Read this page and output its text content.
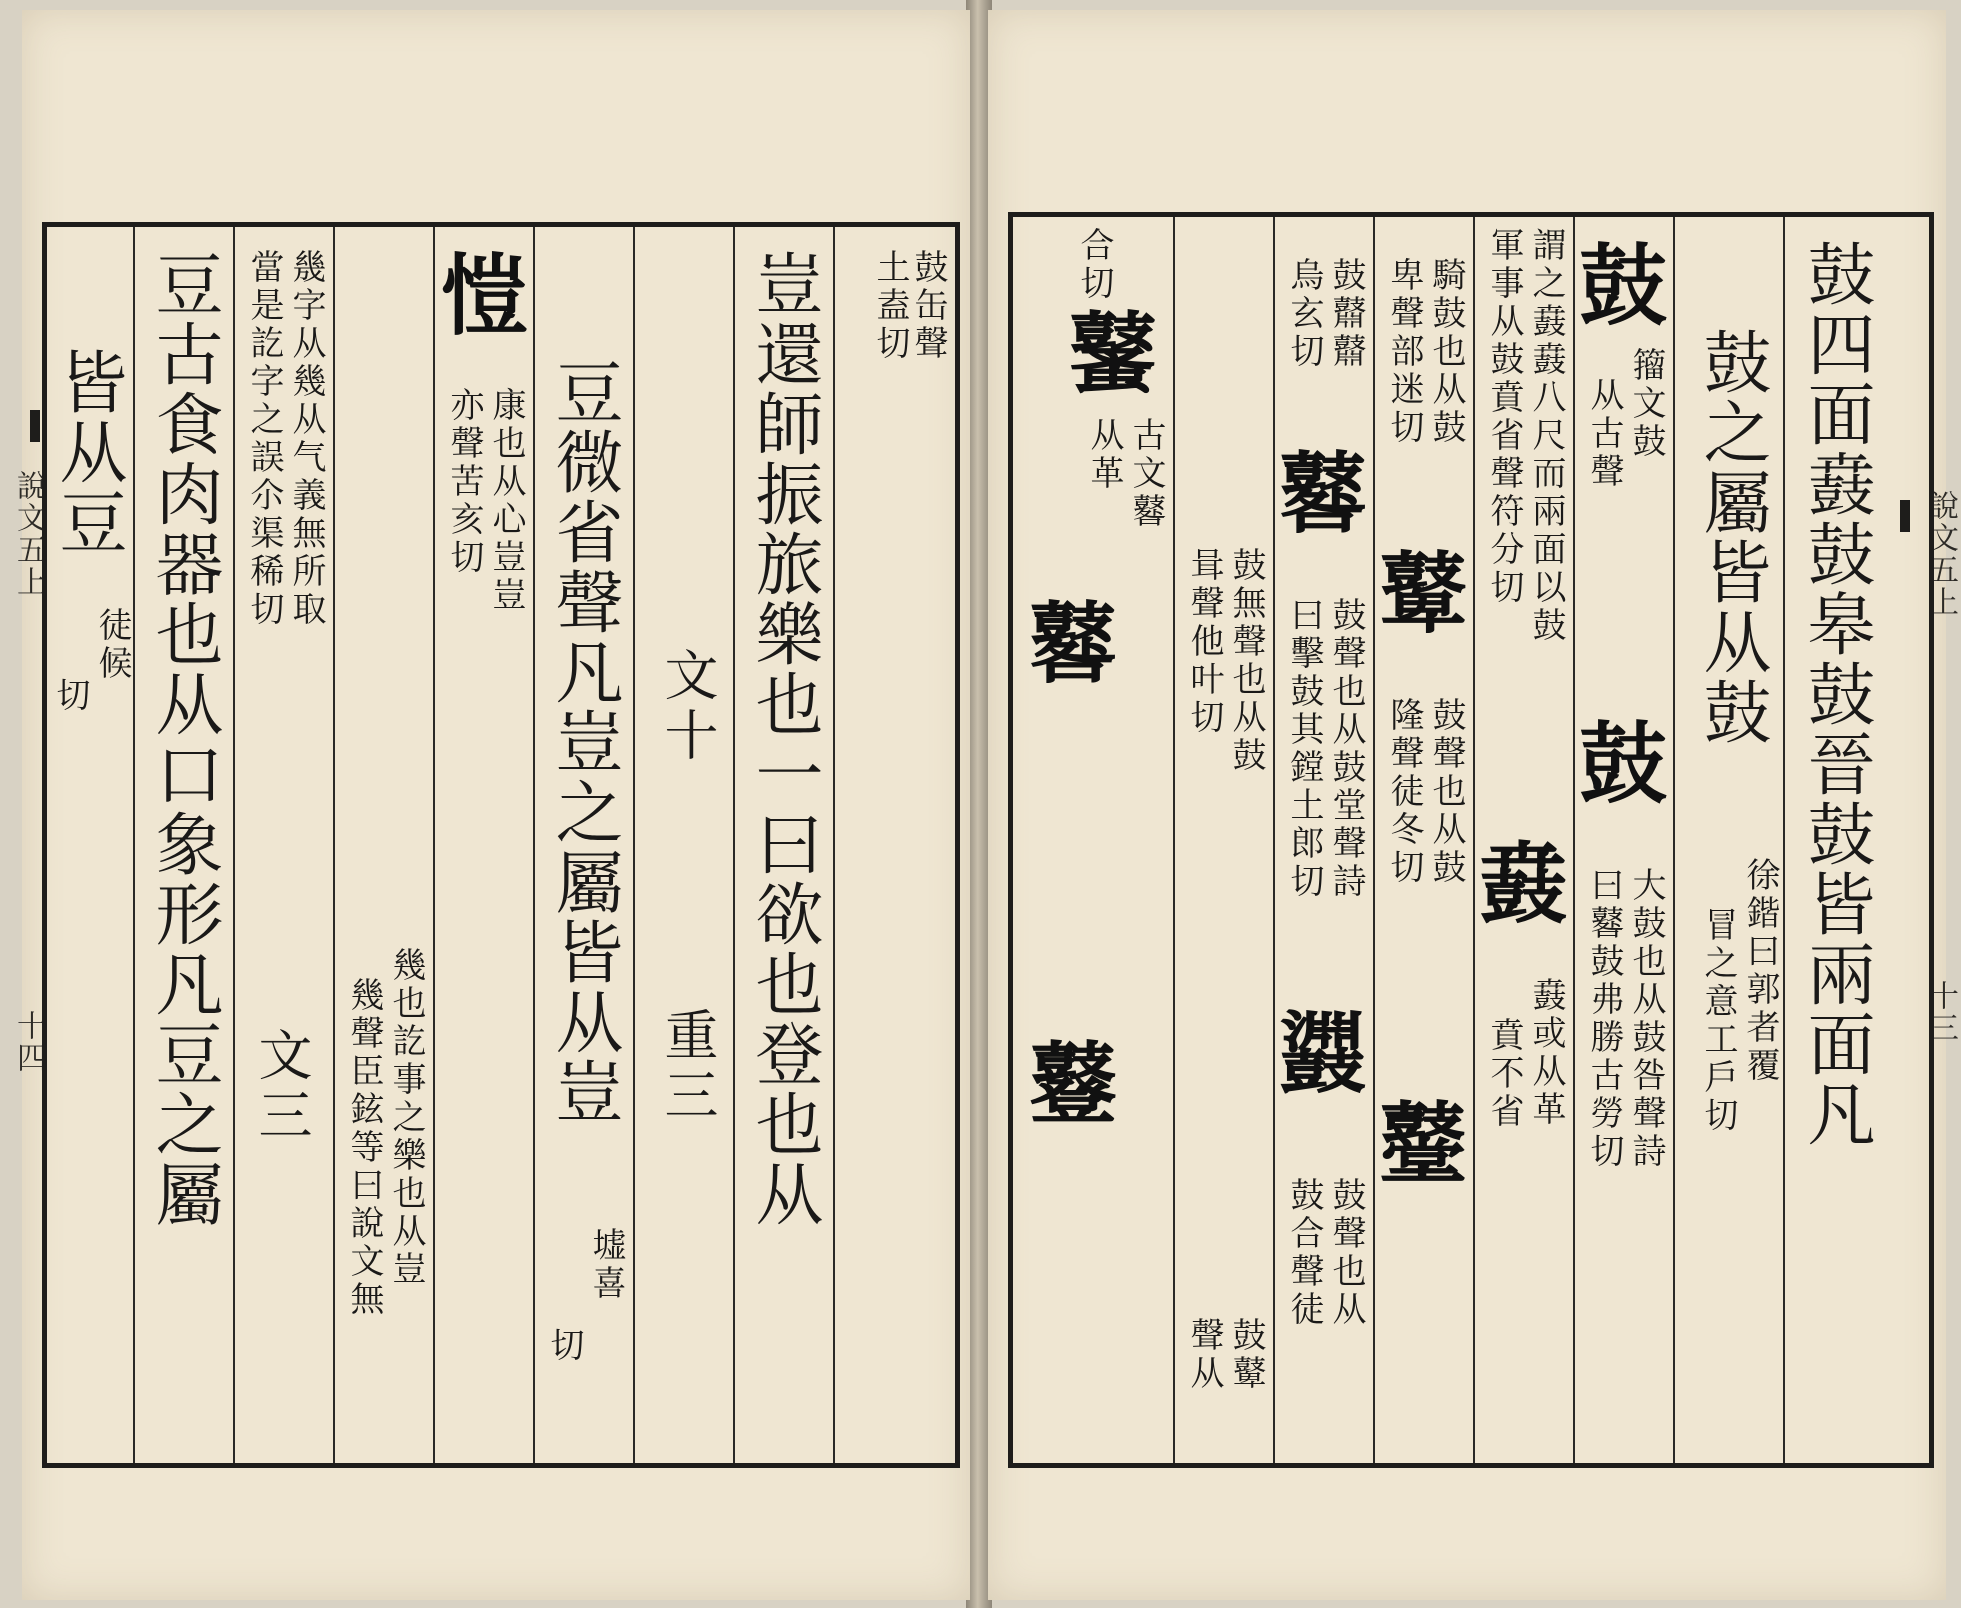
說文五上
十四
鼓缶聲
土盍切
豈還師振旅樂也一曰欲也登也从
文十
重三
豆微省聲凡豈之屬皆从豈
墟喜
切
愷
康也从心豈豈
亦聲苦亥切
幾也訖事之樂也从豈
幾聲臣鉉等曰說文無
㡬字从幾从气義無所取
當是訖字之誤尒渠稀切
文三
豆古食肉器也从口象形凡豆之屬
皆从豆
徒候
切
說文五上
十三
鼓四面鼖鼓皋鼓晉鼓皆兩面凡
鼓之屬皆从鼓
徐鍇曰郭者覆
冒之意工戶切
鼓
籀文鼓
从古聲
鼓
大鼓也从鼓咎聲詩
曰鼛鼓弗勝古勞切
謂之鼖鼖八尺而兩面以鼓
軍事从鼓賁省聲符分切
鼖
鼖或从革
賁不省
騎鼓也从鼓
卑聲部迷切
鼙
鼓聲也从鼓
隆聲徒冬切
鼞
鼓鼘鼘
烏玄切
鼛
鼓聲也从鼓堂聲詩
曰擊鼓其鏜土郎切
鼝
鼓聲也从
鼓合聲徒
鼓無聲也从鼓
咠聲他叶切
鼓鼙
聲从
合切
鼜
古文鼛
从革
鼛
鼟
